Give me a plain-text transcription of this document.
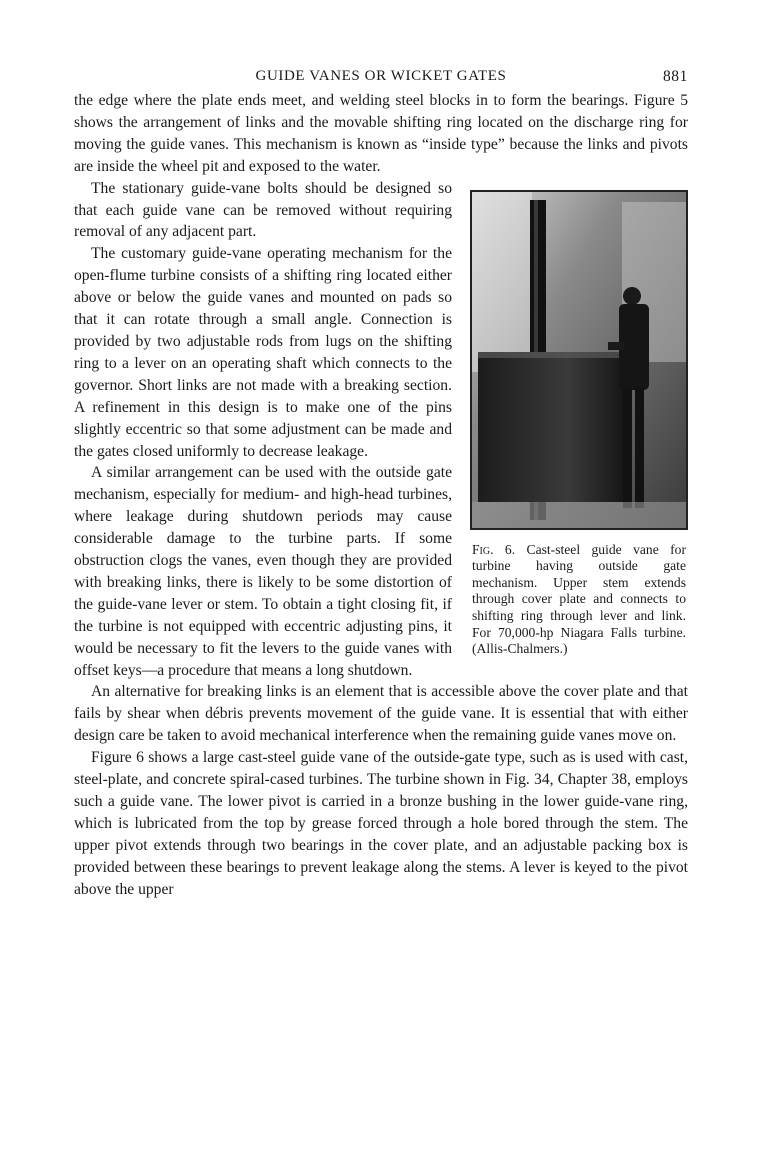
GUIDE VANES OR WICKET GATES	881

the edge where the plate ends meet, and welding steel blocks in to form the bearings. Figure 5 shows the arrangement of links and the movable shifting ring located on the discharge ring for moving the guide vanes. This mechanism is known as “inside type” because the links and pivots are inside the wheel pit and exposed to the water.

Fig. 6. Cast-steel guide vane for turbine having outside gate mechanism. Upper stem extends through cover plate and connects to shifting ring through lever and link. For 70,000-hp Niagara Falls turbine. (Allis-Chalmers.)

The stationary guide-vane bolts should be designed so that each guide vane can be removed without requiring removal of any adjacent part.

The customary guide-vane operating mechanism for the open-flume turbine consists of a shifting ring located either above or below the guide vanes and mounted on pads so that it can rotate through a small angle. Connection is provided by two adjustable rods from lugs on the shifting ring to a lever on an operating shaft which connects to the governor. Short links are not made with a breaking section. A refinement in this design is to make one of the pins slightly eccentric so that some adjustment can be made and the gates closed uniformly to decrease leakage.

A similar arrangement can be used with the outside gate mechanism, especially for medium- and high-head turbines, where leakage during shutdown periods may cause considerable damage to the turbine parts. If some obstruction clogs the vanes, even though they are provided with breaking links, there is likely to be some distortion of the guide-vane lever or stem. To obtain a tight closing fit, if the turbine is not equipped with eccentric adjusting pins, it would be necessary to fit the levers to the guide vanes with offset keys—a procedure that means a long shutdown.

An alternative for breaking links is an element that is accessible above the cover plate and that fails by shear when débris prevents movement of the guide vane. It is essential that with either design care be taken to avoid mechanical interference when the remaining guide vanes move on.

Figure 6 shows a large cast-steel guide vane of the outside-gate type, such as is used with cast, steel-plate, and concrete spiral-cased turbines. The turbine shown in Fig. 34, Chapter 38, employs such a guide vane. The lower pivot is carried in a bronze bushing in the lower guide-vane ring, which is lubricated from the top by grease forced through a hole bored through the stem. The upper pivot extends through two bearings in the cover plate, and an adjustable packing box is provided between these bearings to prevent leakage along the stems. A lever is keyed to the pivot above the upper
